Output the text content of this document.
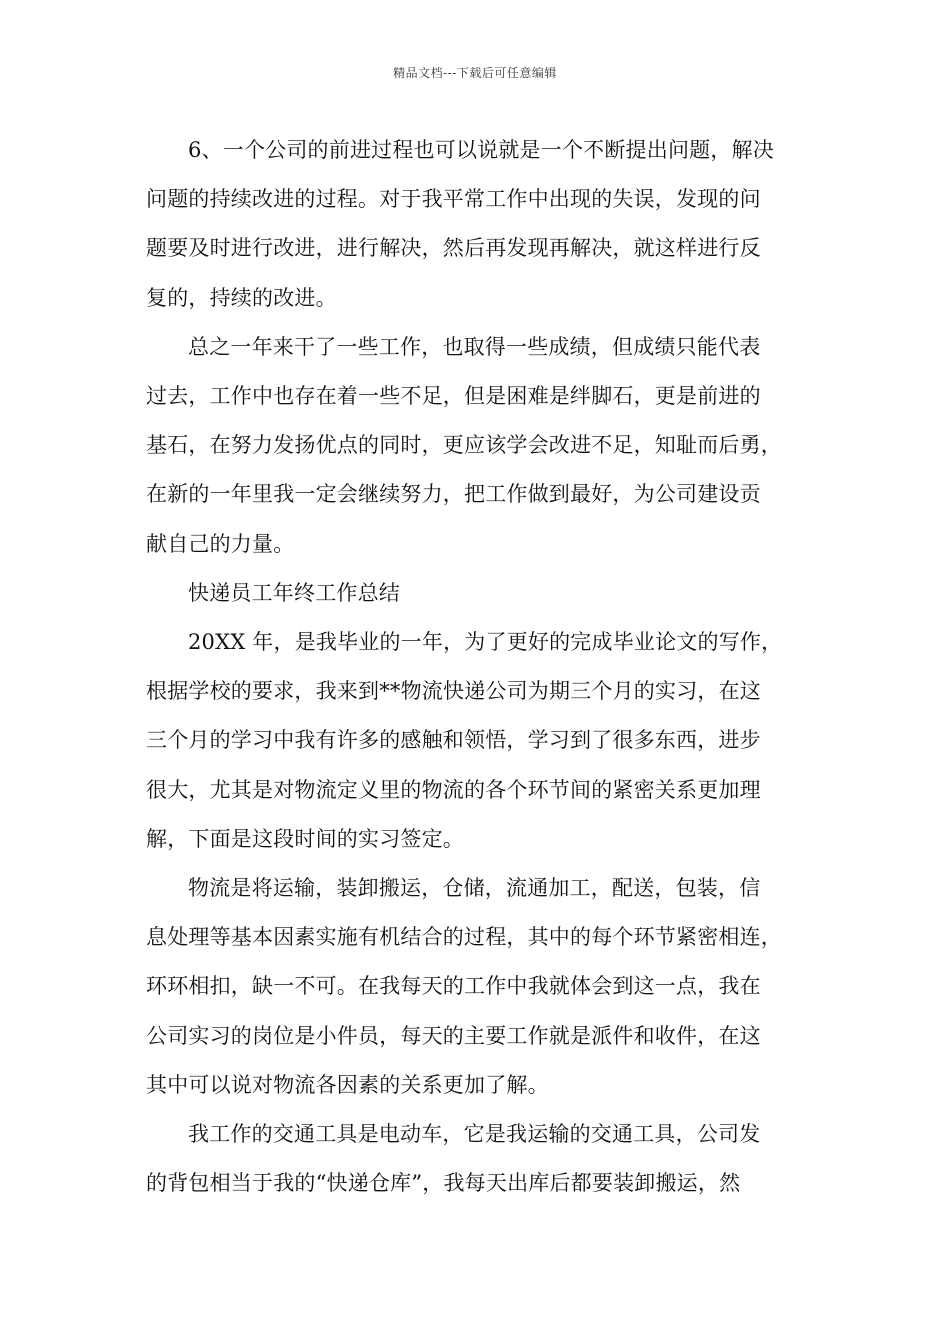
精品文档---下载后可任意编辑
6、一个公司的前进过程也可以说就是一个不断提出问题，解决
问题的持续改进的过程。对于我平常工作中出现的失误，发现的问
题要及时进行改进，进行解决，然后再发现再解决，就这样进行反
复的，持续的改进。
总之一年来干了一些工作，也取得一些成绩，但成绩只能代表
过去，工作中也存在着一些不足，但是困难是绊脚石，更是前进的
基石，在努力发扬优点的同时，更应该学会改进不足，知耻而后勇，
在新的一年里我一定会继续努力，把工作做到最好，为公司建设贡
献自己的力量。
快递员工年终工作总结
20XX 年，是我毕业的一年，为了更好的完成毕业论文的写作，
根据学校的要求，我来到**物流快递公司为期三个月的实习，在这
三个月的学习中我有许多的感触和领悟，学习到了很多东西，进步
很大，尤其是对物流定义里的物流的各个环节间的紧密关系更加理
解，下面是这段时间的实习签定。
物流是将运输，装卸搬运，仓储，流通加工，配送，包装，信
息处理等基本因素实施有机结合的过程，其中的每个环节紧密相连，
环环相扣，缺一不可。在我每天的工作中我就体会到这一点，我在
公司实习的岗位是小件员，每天的主要工作就是派件和收件，在这
其中可以说对物流各因素的关系更加了解。
我工作的交通工具是电动车，它是我运输的交通工具，公司发
的背包相当于我的“快递仓库”，我每天出库后都要装卸搬运，然
